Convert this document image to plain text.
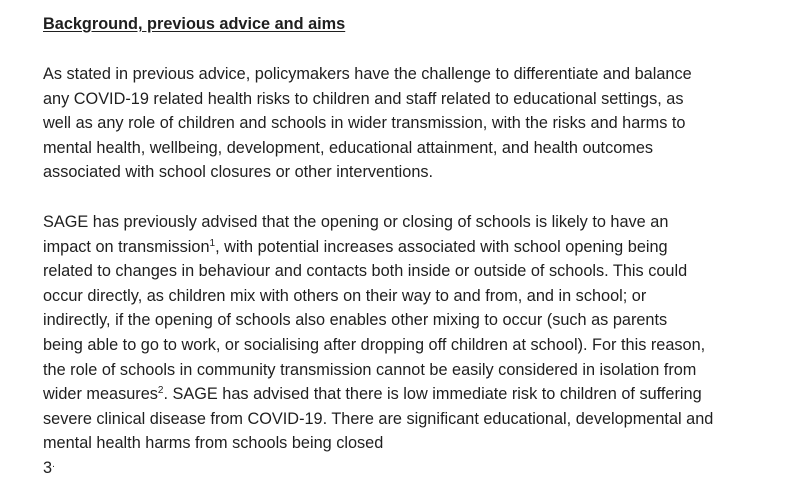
Background, previous advice and aims

As stated in previous advice, policymakers have the challenge to differentiate and balance
any COVID-19 related health risks to children and staff related to educational settings, as
well as any role of children and schools in wider transmission, with the risks and harms to
mental health, wellbeing, development, educational attainment, and health outcomes
associated with school closures or other interventions.

SAGE has previously advised that the opening or closing of schools is likely to have an
impact on transmission$^1$, with potential increases associated with school opening being
related to changes in behaviour and contacts both inside or outside of schools. This could
occur directly, as children mix with others on their way to and from, and in school; or
indirectly, if the opening of schools also enables other mixing to occur (such as parents
being able to go to work, or socialising after dropping off children at school). For this reason,
the role of schools in community transmission cannot be easily considered in isolation from
wider measures$^2$. SAGE has advised that there is low immediate risk to children of suffering
severe clinical disease from COVID-19. There are significant educational, developmental and
mental health harms from schools being closed
3.
